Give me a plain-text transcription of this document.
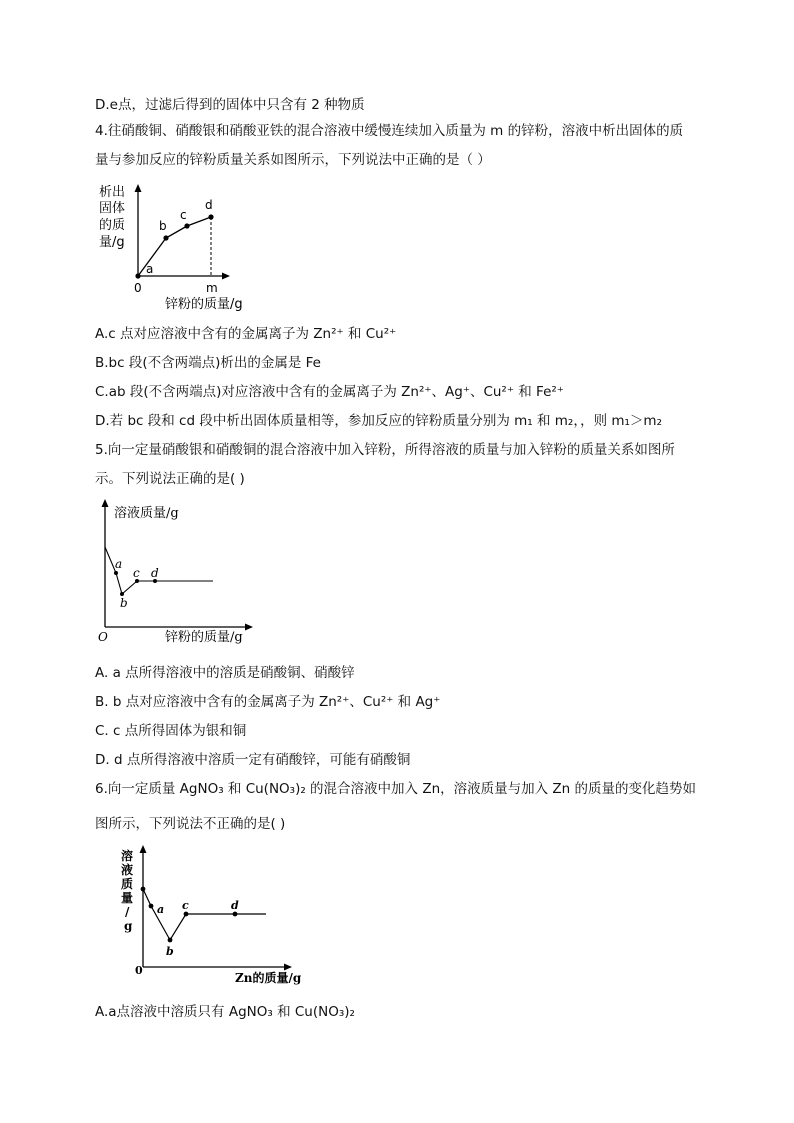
D.e点，过滤后得到的固体中只含有 2 种物质
4.往硝酸铜、硝酸银和硝酸亚铁的混合溶液中缓慢连续加入质量为 m 的锌粉，溶液中析出固体的质
量与参加反应的锌粉质量关系如图所示，下列说法中正确的是（ ）
析出
固体
的质
量/g
a
b
c
d
0	m
锌粉的质量/g
A.c 点对应溶液中含有的金属离子为 Zn²⁺ 和 Cu²⁺
B.bc 段(不含两端点)析出的金属是 Fe
C.ab 段(不含两端点)对应溶液中含有的金属离子为 Zn²⁺、Ag⁺、Cu²⁺ 和 Fe²⁺
D.若 bc 段和 cd 段中析出固体质量相等，参加反应的锌粉质量分别为 m₁ 和 m₂，，则 m₁＞m₂
5.向一定量硝酸银和硝酸铜的混合溶液中加入锌粉，所得溶液的质量与加入锌粉的质量关系如图所
示。下列说法正确的是( )
溶液质量/g
a
b
c d
O	锌粉的质量/g
A. a 点所得溶液中的溶质是硝酸铜、硝酸锌
B. b 点对应溶液中含有的金属离子为 Zn²⁺、Cu²⁺ 和 Ag⁺
C. c 点所得固体为银和铜
D. d 点所得溶液中溶质一定有硝酸锌，可能有硝酸铜
6.向一定质量 AgNO₃ 和 Cu(NO₃)₂ 的混合溶液中加入 Zn，溶液质量与加入 Zn 的质量的变化趋势如
图所示，下列说法不正确的是( )
溶
液
质
量
/
g
a
b
c	d
0
Zn的质量/g
A.a点溶液中溶质只有 AgNO₃ 和 Cu(NO₃)₂
